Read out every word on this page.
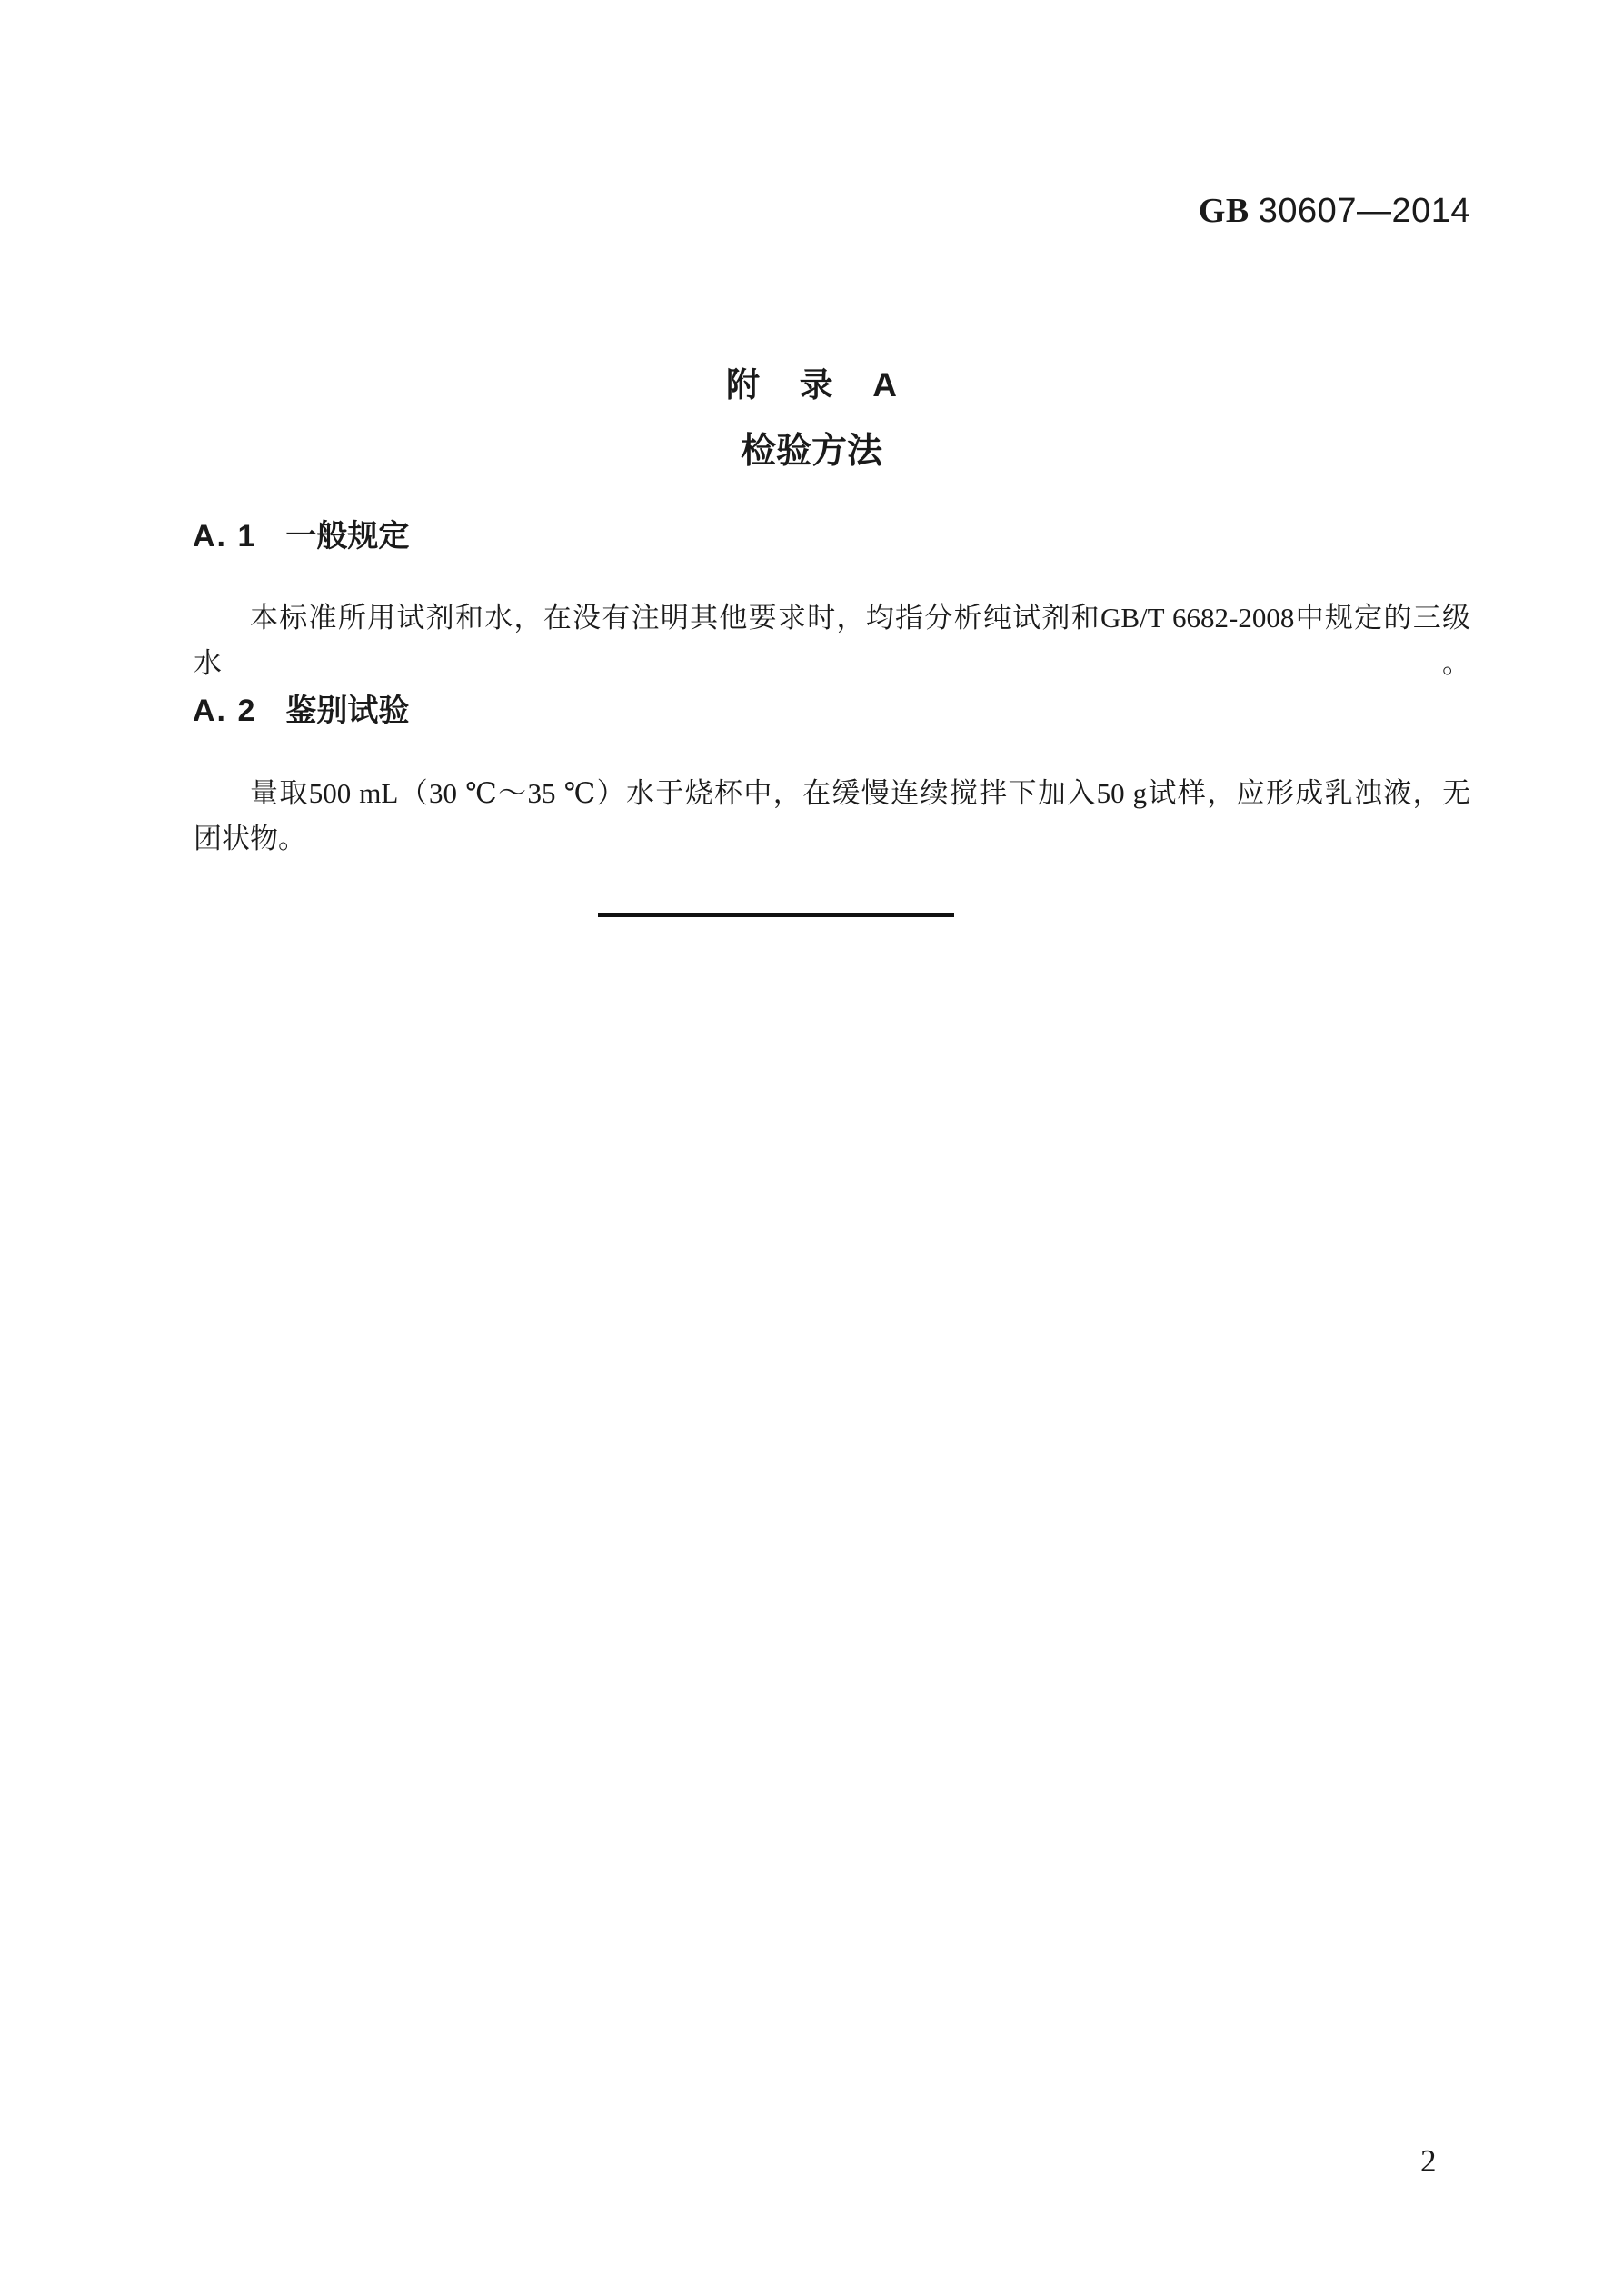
GB 30607—2014
附 录 A
检验方法
A. 1 一般规定
本标准所用试剂和水，在没有注明其他要求时，均指分析纯试剂和GB/T 6682-2008中规定的三级水。
A. 2 鉴别试验
量取500 mL（30 ℃～35 ℃）水于烧杯中，在缓慢连续搅拌下加入50 g试样，应形成乳浊液，无
团状物。
2
